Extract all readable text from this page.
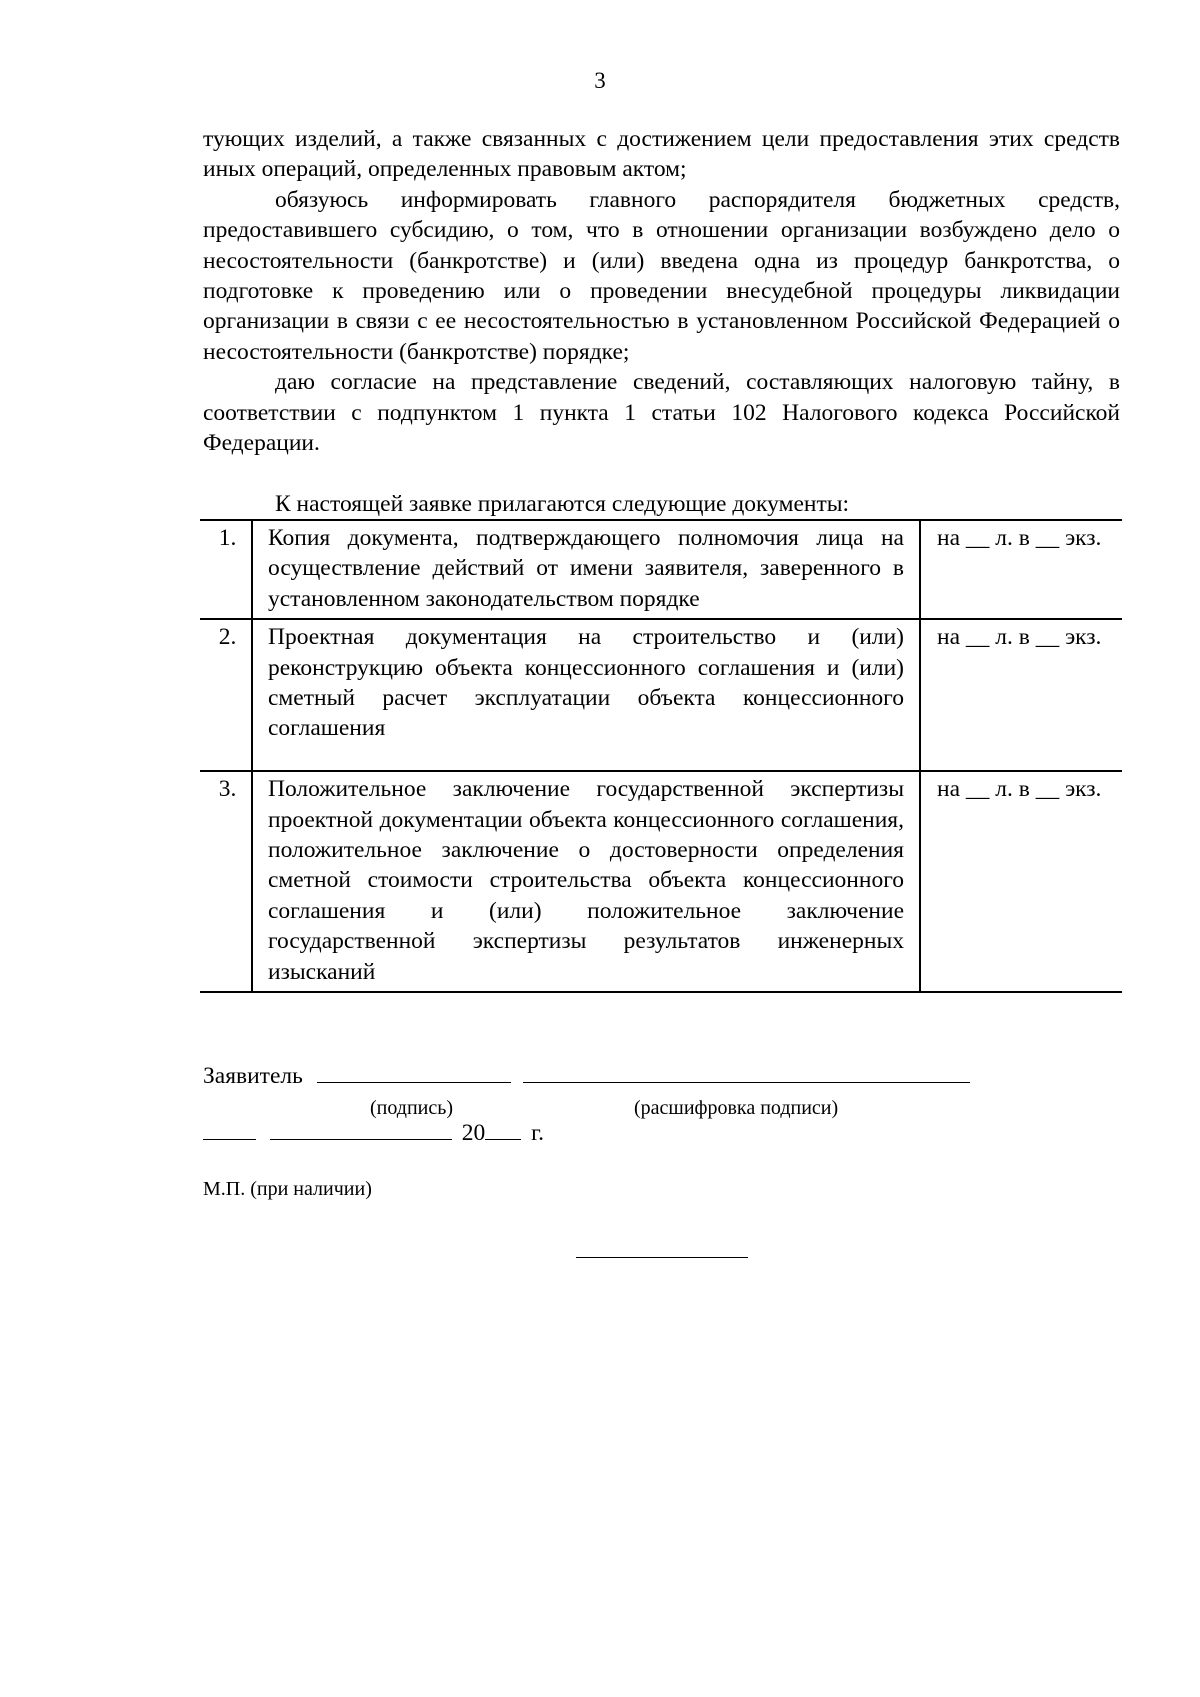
3

тующих изделий, а также связанных с достижением цели предоставления этих средств иных операций, определенных правовым актом;

обязуюсь информировать главного распорядителя бюджетных средств, предоставившего субсидию, о том, что в отношении организации возбуждено дело о несостоятельности (банкротстве) и (или) введена одна из процедур банкротства, о подготовке к проведению или о проведении внесудебной процедуры ликвидации организации в связи с ее несостоятельностью в установленном Российской Федерацией о несостоятельности (банкротстве) порядке;

даю согласие на представление сведений, составляющих налоговую тайну, в соответствии с подпунктом 1 пункта 1 статьи 102 Налогового кодекса Российской Федерации.

К настоящей заявке прилагаются следующие документы:
1.	Копия документа, подтверждающего полномочия лица на осуществление действий от имени заявителя, заверенного в установленном законодательством порядке	на __ л. в __ экз.
2.	Проектная документация на строительство и (или) реконструкцию объекта концессионного соглашения и (или) сметный расчет эксплуатации объекта концессионного соглашения	на __ л. в __ экз.
3.	Положительное заключение государственной экспертизы проектной документации объекта концессионного соглашения, положительное заключение о достоверности определения сметной стоимости строительства объекта концессионного соглашения и (или) положительное заключение государственной экспертизы результатов инженерных изысканий	на __ л. в __ экз.
Заявитель
(подпись)	(расшифровка подписи)
20 г.
М.П. (при наличии)
